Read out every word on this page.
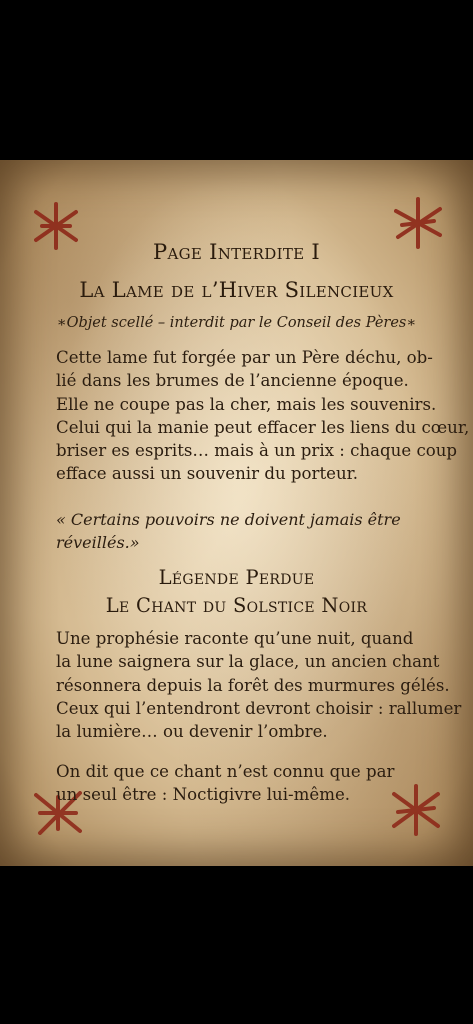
Page Interdite I
La Lame de l’Hiver Silencieux
∗Objet scellé – interdit par le Conseil des Pères∗
Cette lame fut forgée par un Père déchu, ob-
lié dans les brumes de l’ancienne époque.
Elle ne coupe pas la cher, mais les souvenirs.
Celui qui la manie peut effacer les liens du cœur,
briser es esprits… mais à un prix : chaque coup
efface aussi un souvenir du porteur.
« Certains pouvoirs ne doivent jamais être
réveillés.»
Légende Perdue
Le Chant du Solstice Noir
Une prophésie raconte qu’une nuit, quand
la lune saignera sur la glace, un ancien chant
résonnera depuis la forêt des murmures gélés.
Ceux qui l’entendront devront choisir : rallumer
la lumière… ou devenir l’ombre.
On dit que ce chant n’est connu que par
un seul être : Noctigivre lui-même.
